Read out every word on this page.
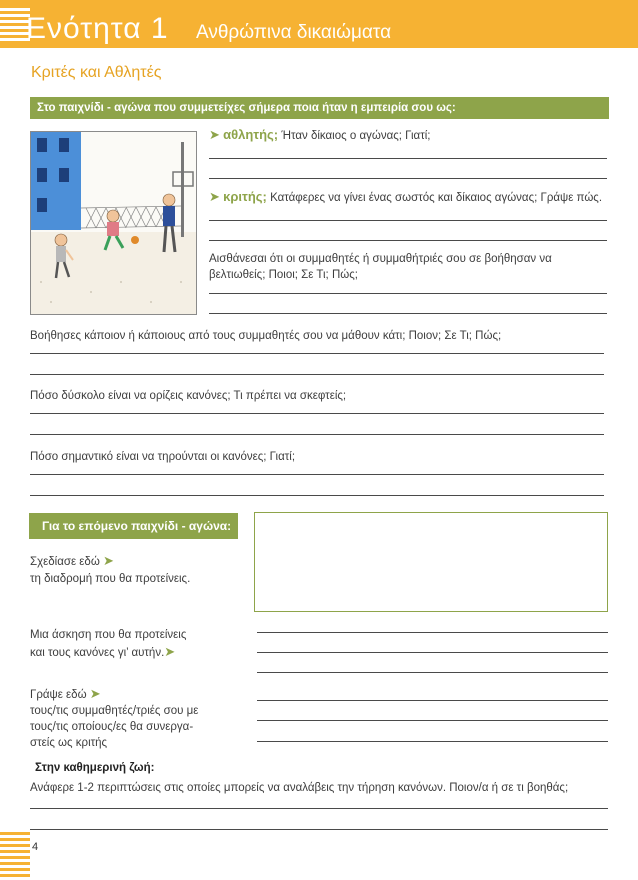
Ενότητα 1 Ανθρώπινα δικαιώματα
Κριτές και Αθλητές
Στο παιχνίδι - αγώνα που συμμετείχες σήμερα ποια ήταν η εμπειρία σου ως:
➤ αθλητής; Ήταν δίκαιος ο αγώνας; Γιατί;
➤ κριτής; Κατάφερες να γίνει ένας σωστός και δίκαιος αγώνας; Γράψε πώς.
Αισθάνεσαι ότι οι συμμαθητές ή συμμαθήτριές σου σε βοήθησαν να βελτιωθείς; Ποιοι; Σε Τι; Πώς;
Βοήθησες κάποιον ή κάποιους από τους συμμαθητές σου να μάθουν κάτι; Ποιον; Σε Τι; Πώς;
Πόσο δύσκολο είναι να ορίζεις κανόνες; Τι πρέπει να σκεφτείς;
Πόσο σημαντικό είναι να τηρούνται οι κανόνες; Γιατί;
Για το επόμενο παιχνίδι - αγώνα:
Σχεδίασε εδώ ➤
τη διαδρομή που θα προτείνεις.
Μια άσκηση που θα προτείνεις
και τους κανόνες γι’ αυτήν.➤
Γράψε εδώ ➤
τους/τις συμμαθητές/τριές σου με
τους/τις οποίους/ες θα συνεργα-
στείς ως κριτής
Στην καθημερινή ζωή:
Ανάφερε 1-2 περιπτώσεις στις οποίες μπορείς να αναλάβεις την τήρηση κανόνων. Ποιον/α ή σε τι βοηθάς;
4
